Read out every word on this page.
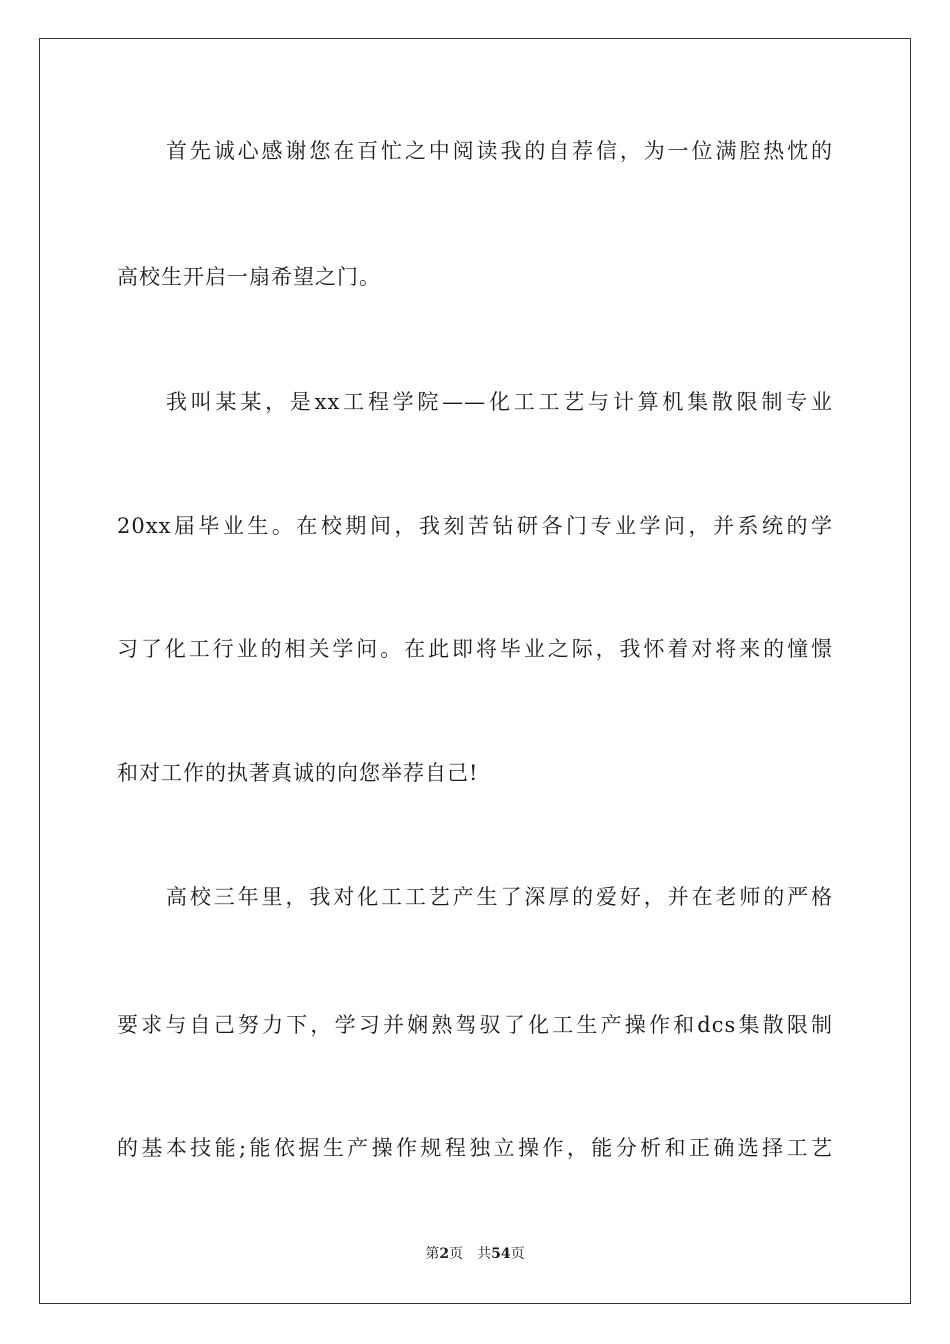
首先诚心感谢您在百忙之中阅读我的自荐信，为一位满腔热忱的
高校生开启一扇希望之门。
我叫某某，是xx工程学院——化工工艺与计算机集散限制专业
20xx届毕业生。在校期间，我刻苦钻研各门专业学问，并系统的学
习了化工行业的相关学问。在此即将毕业之际，我怀着对将来的憧憬
和对工作的执著真诚的向您举荐自己!
高校三年里，我对化工工艺产生了深厚的爱好，并在老师的严格
要求与自己努力下，学习并娴熟驾驭了化工生产操作和dcs集散限制
的基本技能;能依据生产操作规程独立操作，能分析和正确选择工艺
第2页 共54页
